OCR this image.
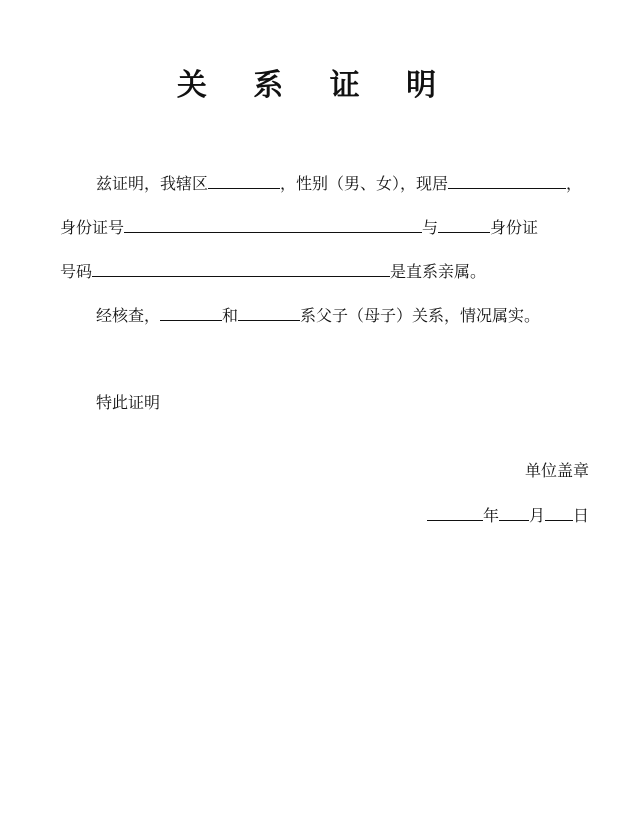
关 系 证 明
兹证明，我辖区	，性别（男、女），现居	，
身份证号	与	身份证
号码	是直系亲属。
经核查，	和	系父子（母子）关系，情况属实。
特此证明
单位盖章
年 月 日
